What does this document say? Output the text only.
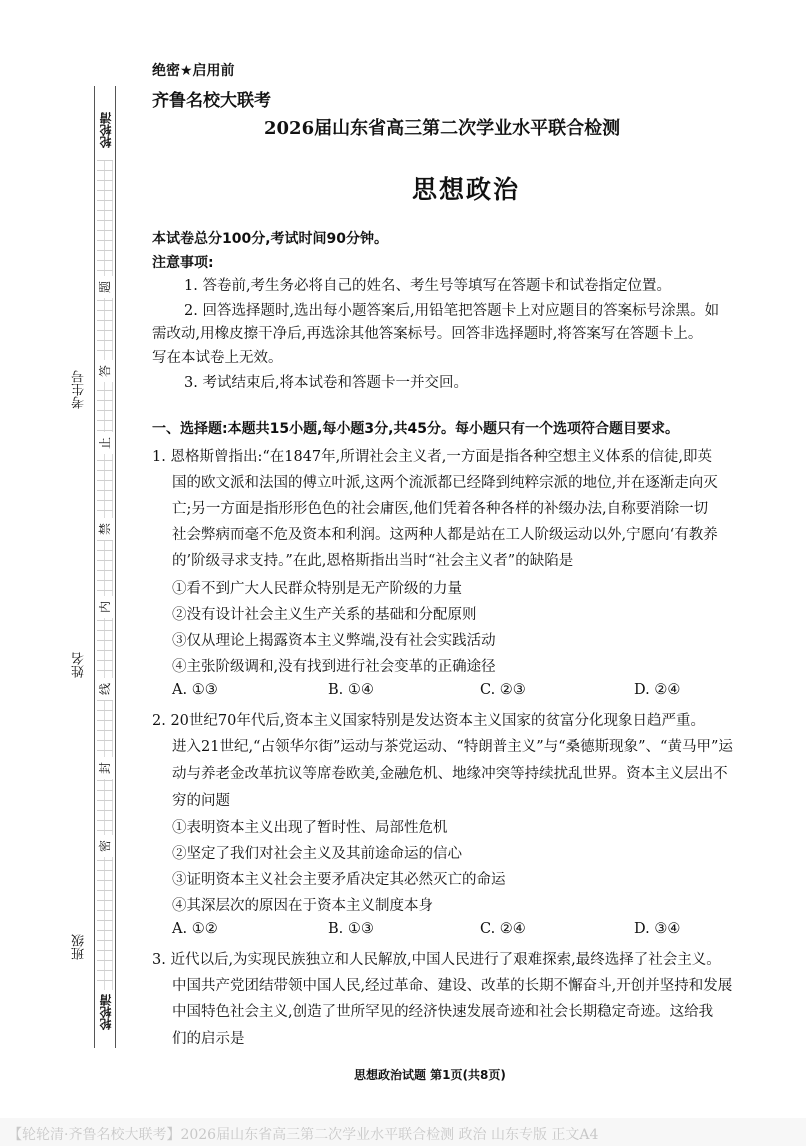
轮轮清
轮轮清
题
答
止
禁
内
线
封
密
考生号
姓名
班级
绝密★启用前
齐鲁名校大联考
2026届山东省高三第二次学业水平联合检测
思想政治
本试卷总分100分,考试时间90分钟。
注意事项:
1. 答卷前,考生务必将自己的姓名、考生号等填写在答题卡和试卷指定位置。
2. 回答选择题时,选出每小题答案后,用铅笔把答题卡上对应题目的答案标号涂黑。如
需改动,用橡皮擦干净后,再选涂其他答案标号。回答非选择题时,将答案写在答题卡上。
写在本试卷上无效。
3. 考试结束后,将本试卷和答题卡一并交回。
一、选择题:本题共15小题,每小题3分,共45分。每小题只有一个选项符合题目要求。
1. 恩格斯曾指出:“在1847年,所谓社会主义者,一方面是指各种空想主义体系的信徒,即英
国的欧文派和法国的傅立叶派,这两个流派都已经降到纯粹宗派的地位,并在逐渐走向灭
亡;另一方面是指形形色色的社会庸医,他们凭着各种各样的补缀办法,自称要消除一切
社会弊病而毫不危及资本和利润。这两种人都是站在工人阶级运动以外,宁愿向‘有教养
的’阶级寻求支持。”在此,恩格斯指出当时“社会主义者”的缺陷是
①看不到广大人民群众特别是无产阶级的力量
②没有设计社会主义生产关系的基础和分配原则
③仅从理论上揭露资本主义弊端,没有社会实践活动
④主张阶级调和,没有找到进行社会变革的正确途径
A. ①③	B. ①④	C. ②③	D. ②④
2. 20世纪70年代后,资本主义国家特别是发达资本主义国家的贫富分化现象日趋严重。
进入21世纪,“占领华尔街”运动与茶党运动、“特朗普主义”与“桑德斯现象”、“黄马甲”运
动与养老金改革抗议等席卷欧美,金融危机、地缘冲突等持续扰乱世界。资本主义层出不
穷的问题
①表明资本主义出现了暂时性、局部性危机
②坚定了我们对社会主义及其前途命运的信心
③证明资本主义社会主要矛盾决定其必然灭亡的命运
④其深层次的原因在于资本主义制度本身
A. ①②	B. ①③	C. ②④	D. ③④
3. 近代以后,为实现民族独立和人民解放,中国人民进行了艰难探索,最终选择了社会主义。
中国共产党团结带领中国人民,经过革命、建设、改革的长期不懈奋斗,开创并坚持和发展
中国特色社会主义,创造了世所罕见的经济快速发展奇迹和社会长期稳定奇迹。这给我
们的启示是
思想政治试题 第1页(共8页)
【轮轮清·齐鲁名校大联考】2026届山东省高三第二次学业水平联合检测 政治 山东专版 正文A4
